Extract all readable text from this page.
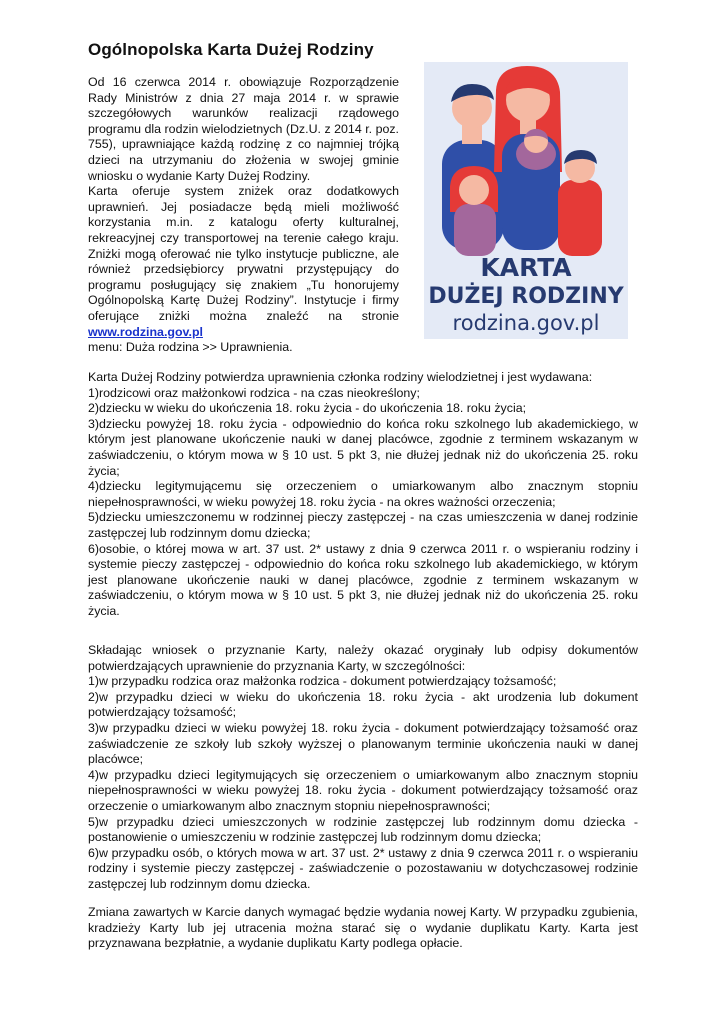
Ogólnopolska Karta Dużej Rodziny

Od 16 czerwca 2014 r. obowiązuje Rozporządzenie Rady Ministrów z dnia 27 maja 2014 r. w sprawie szczegółowych warunków realizacji rządowego programu dla rodzin wielodzietnych (Dz.U. z 2014 r. poz. 755), uprawniające każdą rodzinę z co najmniej trójką dzieci na utrzymaniu do złożenia w swojej gminie wniosku o wydanie Karty Dużej Rodziny.

Karta oferuje system zniżek oraz dodatkowych uprawnień. Jej posiadacze będą mieli możliwość korzystania m.in. z katalogu oferty kulturalnej, rekreacyjnej czy transportowej na terenie całego kraju. Zniżki mogą oferować nie tylko instytucje publiczne, ale również przedsiębiorcy prywatni przystępujący do programu posługujący się znakiem „Tu honorujemy Ogólnopolską Kartę Dużej Rodziny”. Instytucje i firmy oferujące zniżki można znaleźć na stronie www.rodzina.gov.pl

menu: Duża rodzina >> Uprawnienia.

KARTA
DUŻEJ RODZINY
rodzina.gov.pl

Karta Dużej Rodziny potwierdza uprawnienia członka rodziny wielodzietnej i jest wydawana:

1)rodzicowi oraz małżonkowi rodzica - na czas nieokreślony;

2)dziecku w wieku do ukończenia 18. roku życia - do ukończenia 18. roku życia;

3)dziecku powyżej 18. roku życia - odpowiednio do końca roku szkolnego lub akademickiego, w którym jest planowane ukończenie nauki w danej placówce, zgodnie z terminem wskazanym w zaświadczeniu, o którym mowa w § 10 ust. 5 pkt 3, nie dłużej jednak niż do ukończenia 25. roku życia;

4)dziecku legitymującemu się orzeczeniem o umiarkowanym albo znacznym stopniu niepełnosprawności, w wieku powyżej 18. roku życia - na okres ważności orzeczenia;

5)dziecku umieszczonemu w rodzinnej pieczy zastępczej - na czas umieszczenia w danej rodzinie zastępczej lub rodzinnym domu dziecka;

6)osobie, o której mowa w art. 37 ust. 2* ustawy z dnia 9 czerwca 2011 r. o wspieraniu rodziny i systemie pieczy zastępczej - odpowiednio do końca roku szkolnego lub akademickiego, w którym jest planowane ukończenie nauki w danej placówce, zgodnie z terminem wskazanym w zaświadczeniu, o którym mowa w § 10 ust. 5 pkt 3, nie dłużej jednak niż do ukończenia 25. roku życia.

Składając wniosek o przyznanie Karty, należy okazać oryginały lub odpisy dokumentów potwierdzających uprawnienie do przyznania Karty, w szczególności:

1)w przypadku rodzica oraz małżonka rodzica - dokument potwierdzający tożsamość;

2)w przypadku dzieci w wieku do ukończenia 18. roku życia - akt urodzenia lub dokument potwierdzający tożsamość;

3)w przypadku dzieci w wieku powyżej 18. roku życia - dokument potwierdzający tożsamość oraz zaświadczenie ze szkoły lub szkoły wyższej o planowanym terminie ukończenia nauki w danej placówce;

4)w przypadku dzieci legitymujących się orzeczeniem o umiarkowanym albo znacznym stopniu niepełnosprawności w wieku powyżej 18. roku życia - dokument potwierdzający tożsamość oraz orzeczenie o umiarkowanym albo znacznym stopniu niepełnosprawności;

5)w przypadku dzieci umieszczonych w rodzinie zastępczej lub rodzinnym domu dziecka - postanowienie o umieszczeniu w rodzinie zastępczej lub rodzinnym domu dziecka;

6)w przypadku osób, o których mowa w art. 37 ust. 2* ustawy z dnia 9 czerwca 2011 r. o wspieraniu rodziny i systemie pieczy zastępczej - zaświadczenie o pozostawaniu w dotychczasowej rodzinie zastępczej lub rodzinnym domu dziecka.

Zmiana zawartych w Karcie danych wymagać będzie wydania nowej Karty. W przypadku zgubienia, kradzieży Karty lub jej utracenia można starać się o wydanie duplikatu Karty. Karta jest przyznawana bezpłatnie, a wydanie duplikatu Karty podlega opłacie.
